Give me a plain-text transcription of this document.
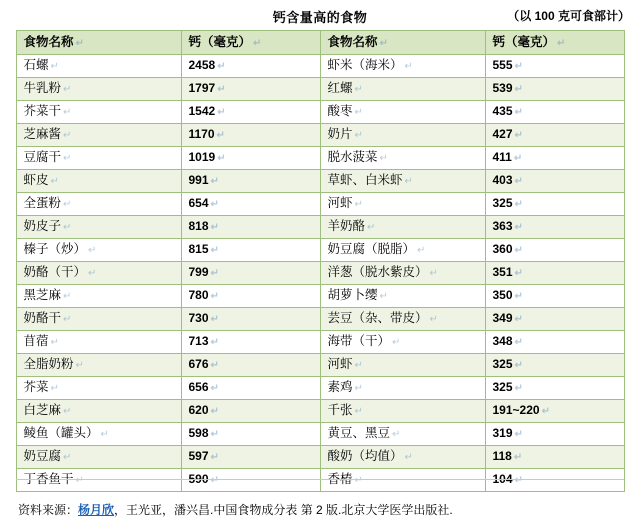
钙含量高的食物	（以 100 克可食部计）
食物名称 ↵	钙（毫克） ↵	食物名称 ↵	钙（毫克） ↵
石螺 ↵	2458 ↵	虾米（海米） ↵	555 ↵
牛乳粉 ↵	1797 ↵	红螺 ↵	539 ↵
芥菜干 ↵	1542 ↵	酸枣 ↵	435 ↵
芝麻酱 ↵	1170 ↵	奶片 ↵	427 ↵
豆腐干 ↵	1019 ↵	脱水菠菜 ↵	411 ↵
虾皮 ↵	991 ↵	草虾、白米虾 ↵	403 ↵
全蛋粉 ↵	654 ↵	河虾 ↵	325 ↵
奶皮子 ↵	818 ↵	羊奶酪 ↵	363 ↵
榛子（炒） ↵	815 ↵	奶豆腐（脱脂） ↵	360 ↵
奶酪（干） ↵	799 ↵	洋葱（脱水紫皮） ↵	351 ↵
黑芝麻 ↵	780 ↵	胡萝卜缨 ↵	350 ↵
奶酪干 ↵	730 ↵	芸豆（杂、带皮） ↵	349 ↵
苜蓿 ↵	713 ↵	海带（干） ↵	348 ↵
全脂奶粉 ↵	676 ↵	河虾 ↵	325 ↵
芥菜 ↵	656 ↵	素鸡 ↵	325 ↵
白芝麻 ↵	620 ↵	千张 ↵	191~220 ↵
鲮鱼（罐头） ↵	598 ↵	黄豆、黑豆 ↵	319 ↵
奶豆腐 ↵	597 ↵	酸奶（均值） ↵	118 ↵
丁香鱼干 ↵	590 ↵	香椿 ↵	104 ↵
资料来源：杨月欣，王光亚，潘兴昌.中国食物成分表 第 2 版.北京大学医学出版社.
